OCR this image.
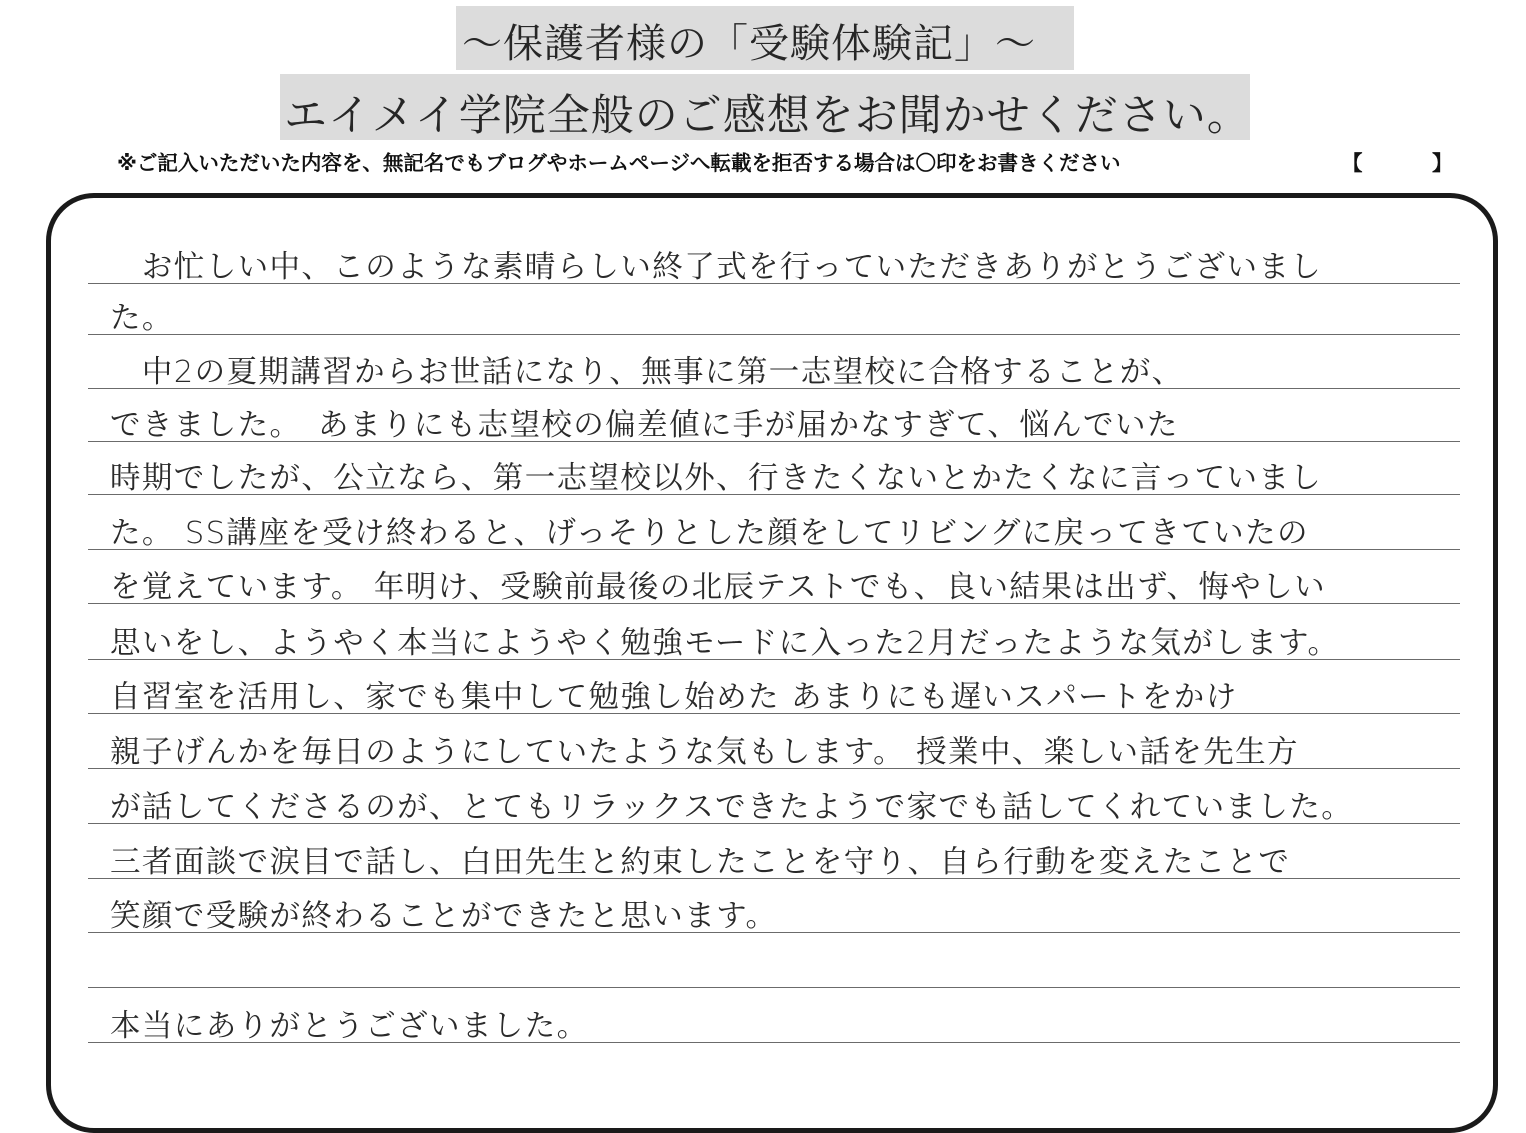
～保護者様の「受験体験記」～
エイメイ学院全般のご感想をお聞かせください。
※ご記入いただいた内容を、無記名でもブログやホームページへ転載を拒否する場合は〇印をお書きください	【	】
　お忙しい中、このような素晴らしい終了式を行っていただきありがとうございまし
た。
　中2の夏期講習からお世話になり、無事に第一志望校に合格することが、
できました。　あまりにも志望校の偏差値に手が届かなすぎて、悩んでいた
時期でしたが、公立なら、第一志望校以外、行きたくないとかたくなに言っていまし
た。 SS講座を受け終わると、げっそりとした顔をしてリビングに戻ってきていたの
を覚えています。 年明け、受験前最後の北辰テストでも、良い結果は出ず、悔やしい
思いをし、ようやく本当にようやく勉強モードに入った2月だったような気がします。
自習室を活用し、家でも集中して勉強し始めた あまりにも遅いスパートをかけ
親子げんかを毎日のようにしていたような気もします。 授業中、楽しい話を先生方
が話してくださるのが、とてもリラックスできたようで家でも話してくれていました。
三者面談で涙目で話し、白田先生と約束したことを守り、自ら行動を変えたことで
笑顔で受験が終わることができたと思います。
本当にありがとうございました。
